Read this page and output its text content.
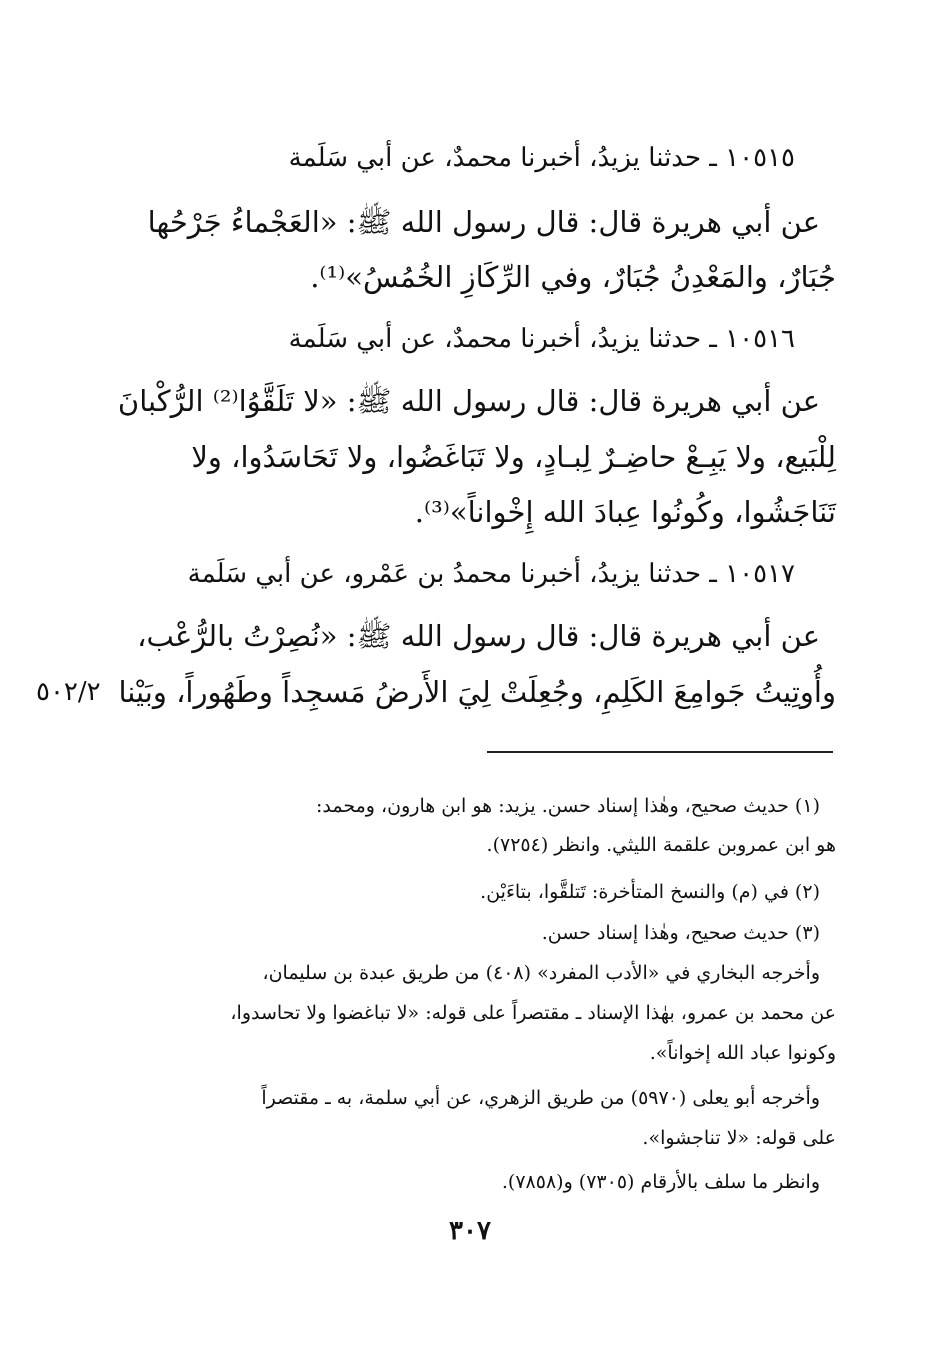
١٠٥١٥ ـ حدثنا يزيدُ، أخبرنا محمدٌ، عن أبي سَلَمة
عن أبي هريرة قال: قال رسول الله ﷺ: «العَجْماءُ جَرْحُها
جُبَارٌ، والمَعْدِنُ جُبَارٌ، وفي الرِّكَازِ الخُمُسُ»⁽¹⁾.
١٠٥١٦ ـ حدثنا يزيدُ، أخبرنا محمدٌ، عن أبي سَلَمة
عن أبي هريرة قال: قال رسول الله ﷺ: «لا تَلَقَّوُا⁽²⁾ الرُّكْبانَ
لِلْبَيع، ولا يَبِـعْ حاضِـرٌ لِبـادٍ، ولا تَبَاغَضُوا، ولا تَحَاسَدُوا، ولا
تَنَاجَشُوا، وكُونُوا عِبادَ الله إِخْواناً»⁽³⁾.
١٠٥١٧ ـ حدثنا يزيدُ، أخبرنا محمدُ بن عَمْرو، عن أبي سَلَمة
عن أبي هريرة قال: قال رسول الله ﷺ: «نُصِرْتُ بالرُّعْب،
وأُوتِيتُ جَوامِعَ الكَلِمِ، وجُعِلَتْ لِيَ الأَرضُ مَسجِداً وطَهُوراً، وبَيْنا
٥٠٢/٢
(١) حديث صحيح، وهٰذا إسناد حسن. يزيد: هو ابن هارون، ومحمد:
هو ابن عمروبن علقمة الليثي. وانظر (٧٢٥٤).
(٢) في (م) والنسخ المتأخرة: تَتلقَّوا، بتاءَيْن.
(٣) حديث صحيح، وهٰذا إسناد حسن.
وأخرجه البخاري في «الأدب المفرد» (٤٠٨) من طريق عبدة بن سليمان،
عن محمد بن عمرو، بهٰذا الإسناد ـ مقتصراً على قوله: «لا تباغضوا ولا تحاسدوا،
وكونوا عباد الله إخواناً».
وأخرجه أبو يعلى (٥٩٧٠) من طريق الزهري، عن أبي سلمة، به ـ مقتصراً
على قوله: «لا تناجشوا».
وانظر ما سلف بالأرقام (٧٣٠٥) و(٧٨٥٨).
٣٠٧
